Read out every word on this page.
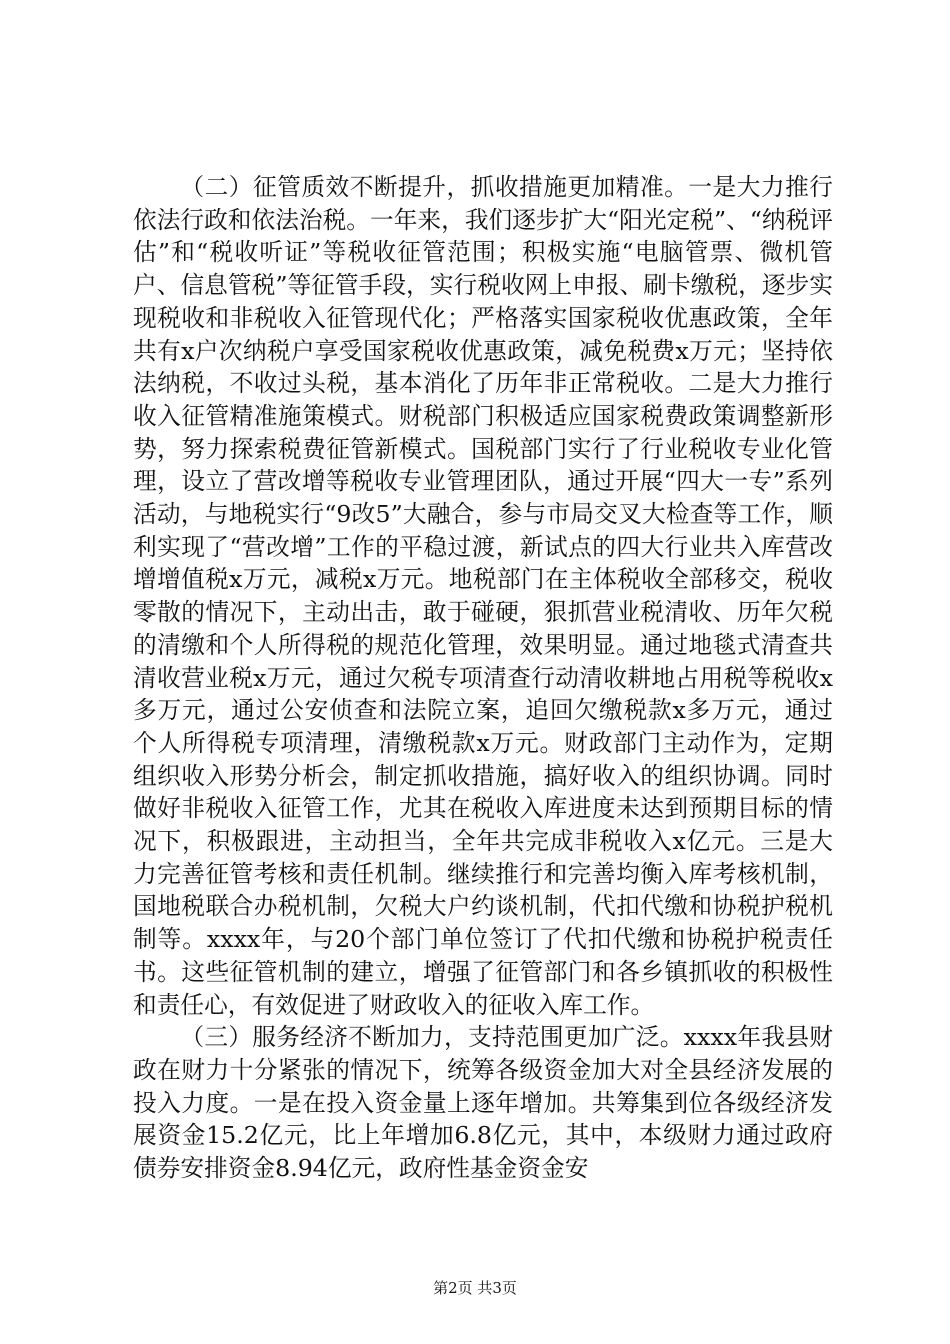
（二）征管质效不断提升，抓收措施更加精准。一是大力推行依法行政和依法治税。一年来，我们逐步扩大“阳光定税”、“纳税评估”和“税收听证”等税收征管范围；积极实施“电脑管票、微机管户、信息管税”等征管手段，实行税收网上申报、刷卡缴税，逐步实现税收和非税收入征管现代化；严格落实国家税收优惠政策，全年共有x户次纳税户享受国家税收优惠政策，减免税费x万元；坚持依法纳税，不收过头税，基本消化了历年非正常税收。二是大力推行收入征管精准施策模式。财税部门积极适应国家税费政策调整新形势，努力探索税费征管新模式。国税部门实行了行业税收专业化管理，设立了营改增等税收专业管理团队，通过开展“四大一专”系列活动，与地税实行“9改5”大融合，参与市局交叉大检查等工作，顺利实现了“营改增”工作的平稳过渡，新试点的四大行业共入库营改增增值税x万元，减税x万元。地税部门在主体税收全部移交，税收零散的情况下，主动出击，敢于碰硬，狠抓营业税清收、历年欠税的清缴和个人所得税的规范化管理，效果明显。通过地毯式清查共清收营业税x万元，通过欠税专项清查行动清收耕地占用税等税收x多万元，通过公安侦查和法院立案，追回欠缴税款x多万元，通过个人所得税专项清理，清缴税款x万元。财政部门主动作为，定期组织收入形势分析会，制定抓收措施，搞好收入的组织协调。同时做好非税收入征管工作，尤其在税收入库进度未达到预期目标的情况下，积极跟进，主动担当，全年共完成非税收入x亿元。三是大力完善征管考核和责任机制。继续推行和完善均衡入库考核机制，国地税联合办税机制，欠税大户约谈机制，代扣代缴和协税护税机制等。xxxx年，与20个部门单位签订了代扣代缴和协税护税责任书。这些征管机制的建立，增强了征管部门和各乡镇抓收的积极性和责任心，有效促进了财政收入的征收入库工作。

（三）服务经济不断加力，支持范围更加广泛。xxxx年我县财政在财力十分紧张的情况下，统筹各级资金加大对全县经济发展的投入力度。一是在投入资金量上逐年增加。共筹集到位各级经济发展资金15.2亿元，比上年增加6.8亿元，其中，本级财力通过政府债券安排资金8.94亿元，政府性基金资金安

第2页 共3页
